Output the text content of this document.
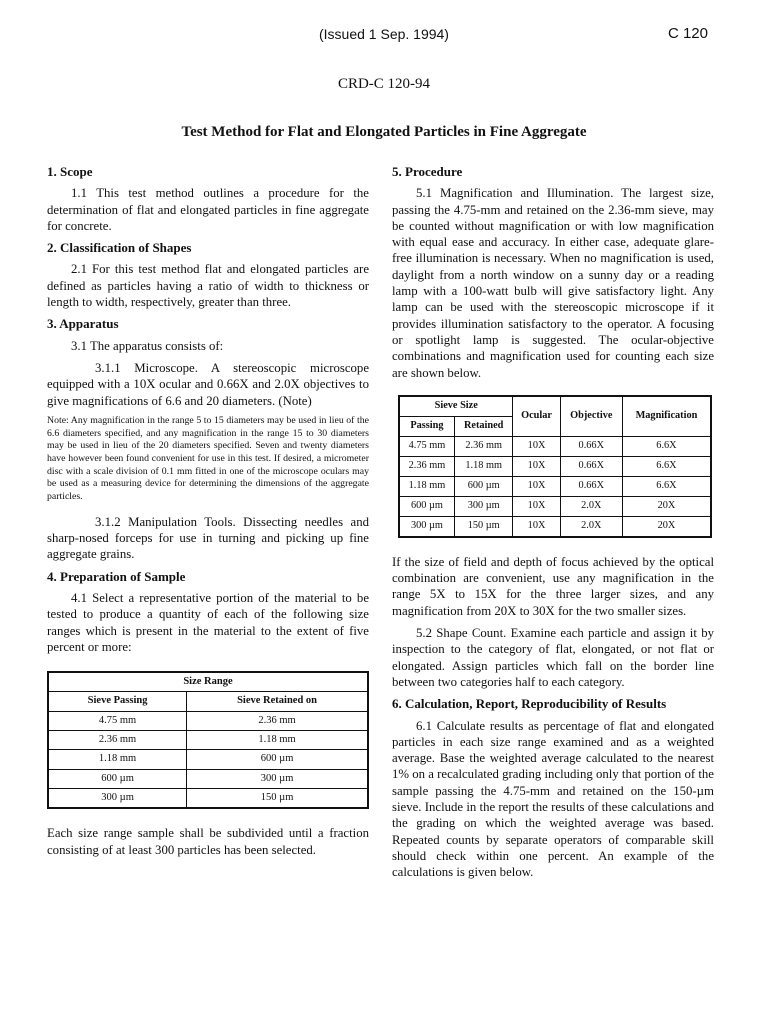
(Issued 1 Sep. 1994)	C 120
CRD-C 120-94
Test Method for Flat and Elongated Particles in Fine Aggregate
1. Scope

1.1 This test method outlines a procedure for the determination of flat and elongated particles in fine aggregate for concrete.

2. Classification of Shapes

2.1 For this test method flat and elongated particles are defined as particles having a ratio of width to thickness or length to width, respectively, greater than three.

3. Apparatus

3.1 The apparatus consists of:

3.1.1 Microscope. A stereoscopic microscope equipped with a 10X ocular and 0.66X and 2.0X objectives to give magnifications of 6.6 and 20 diameters. (Note)

Note: Any magnification in the range 5 to 15 diameters may be used in lieu of the 6.6 diameters specified, and any magnification in the range 15 to 30 diameters may be used in lieu of the 20 diameters specified. Seven and twenty diameters have however been found convenient for use in this test. If desired, a micrometer disc with a scale division of 0.1 mm fitted in one of the microscope oculars may be used as a measuring device for determining the dimensions of the aggregate particles.

3.1.2 Manipulation Tools. Dissecting needles and sharp-nosed forceps for use in turning and picking up fine aggregate grains.

4. Preparation of Sample

4.1 Select a representative portion of the material to be tested to produce a quantity of each of the following size ranges which is present in the material to the extent of five percent or more:

Size Range	
Sieve Passing	Sieve Retained on
4.75 mm	2.36 mm
2.36 mm	1.18 mm
1.18 mm	600 µm
600 µm	300 µm
300 µm	150 µm

Each size range sample shall be subdivided until a fraction consisting of at least 300 particles has been selected.

5. Procedure

5.1 Magnification and Illumination. The largest size, passing the 4.75-mm and retained on the 2.36-mm sieve, may be counted without magnification or with low magnification with equal ease and accuracy. In either case, adequate glare-free illumination is necessary. When no magnification is used, daylight from a north window on a sunny day or a reading lamp with a 100-watt bulb will give satisfactory light. Any lamp can be used with the stereoscopic microscope if it provides illumination satisfactory to the operator. A focusing or spotlight lamp is suggested. The ocular-objective combinations and magnification used for counting each size are shown below.

Sieve Size		Ocular	Objective	Magnification
Passing	Retained			
4.75 mm	2.36 mm	10X	0.66X	6.6X
2.36 mm	1.18 mm	10X	0.66X	6.6X
1.18 mm	600 µm	10X	0.66X	6.6X
600 µm	300 µm	10X	2.0X	20X
300 µm	150 µm	10X	2.0X	20X

If the size of field and depth of focus achieved by the optical combination are convenient, use any magnification in the range 5X to 15X for the three larger sizes, and any magnification from 20X to 30X for the two smaller sizes.

5.2 Shape Count. Examine each particle and assign it by inspection to the category of flat, elongated, or not flat or elongated. Assign particles which fall on the border line between two categories half to each category.

6. Calculation, Report, Reproducibility of Results

6.1 Calculate results as percentage of flat and elongated particles in each size range examined and as a weighted average. Base the weighted average calculated to the nearest 1% on a recalculated grading including only that portion of the sample passing the 4.75-mm and retained on the 150-µm sieve. Include in the report the results of these calculations and the grading on which the weighted average was based. Repeated counts by separate operators of comparable skill should check within one percent. An example of the calculations is given below.
